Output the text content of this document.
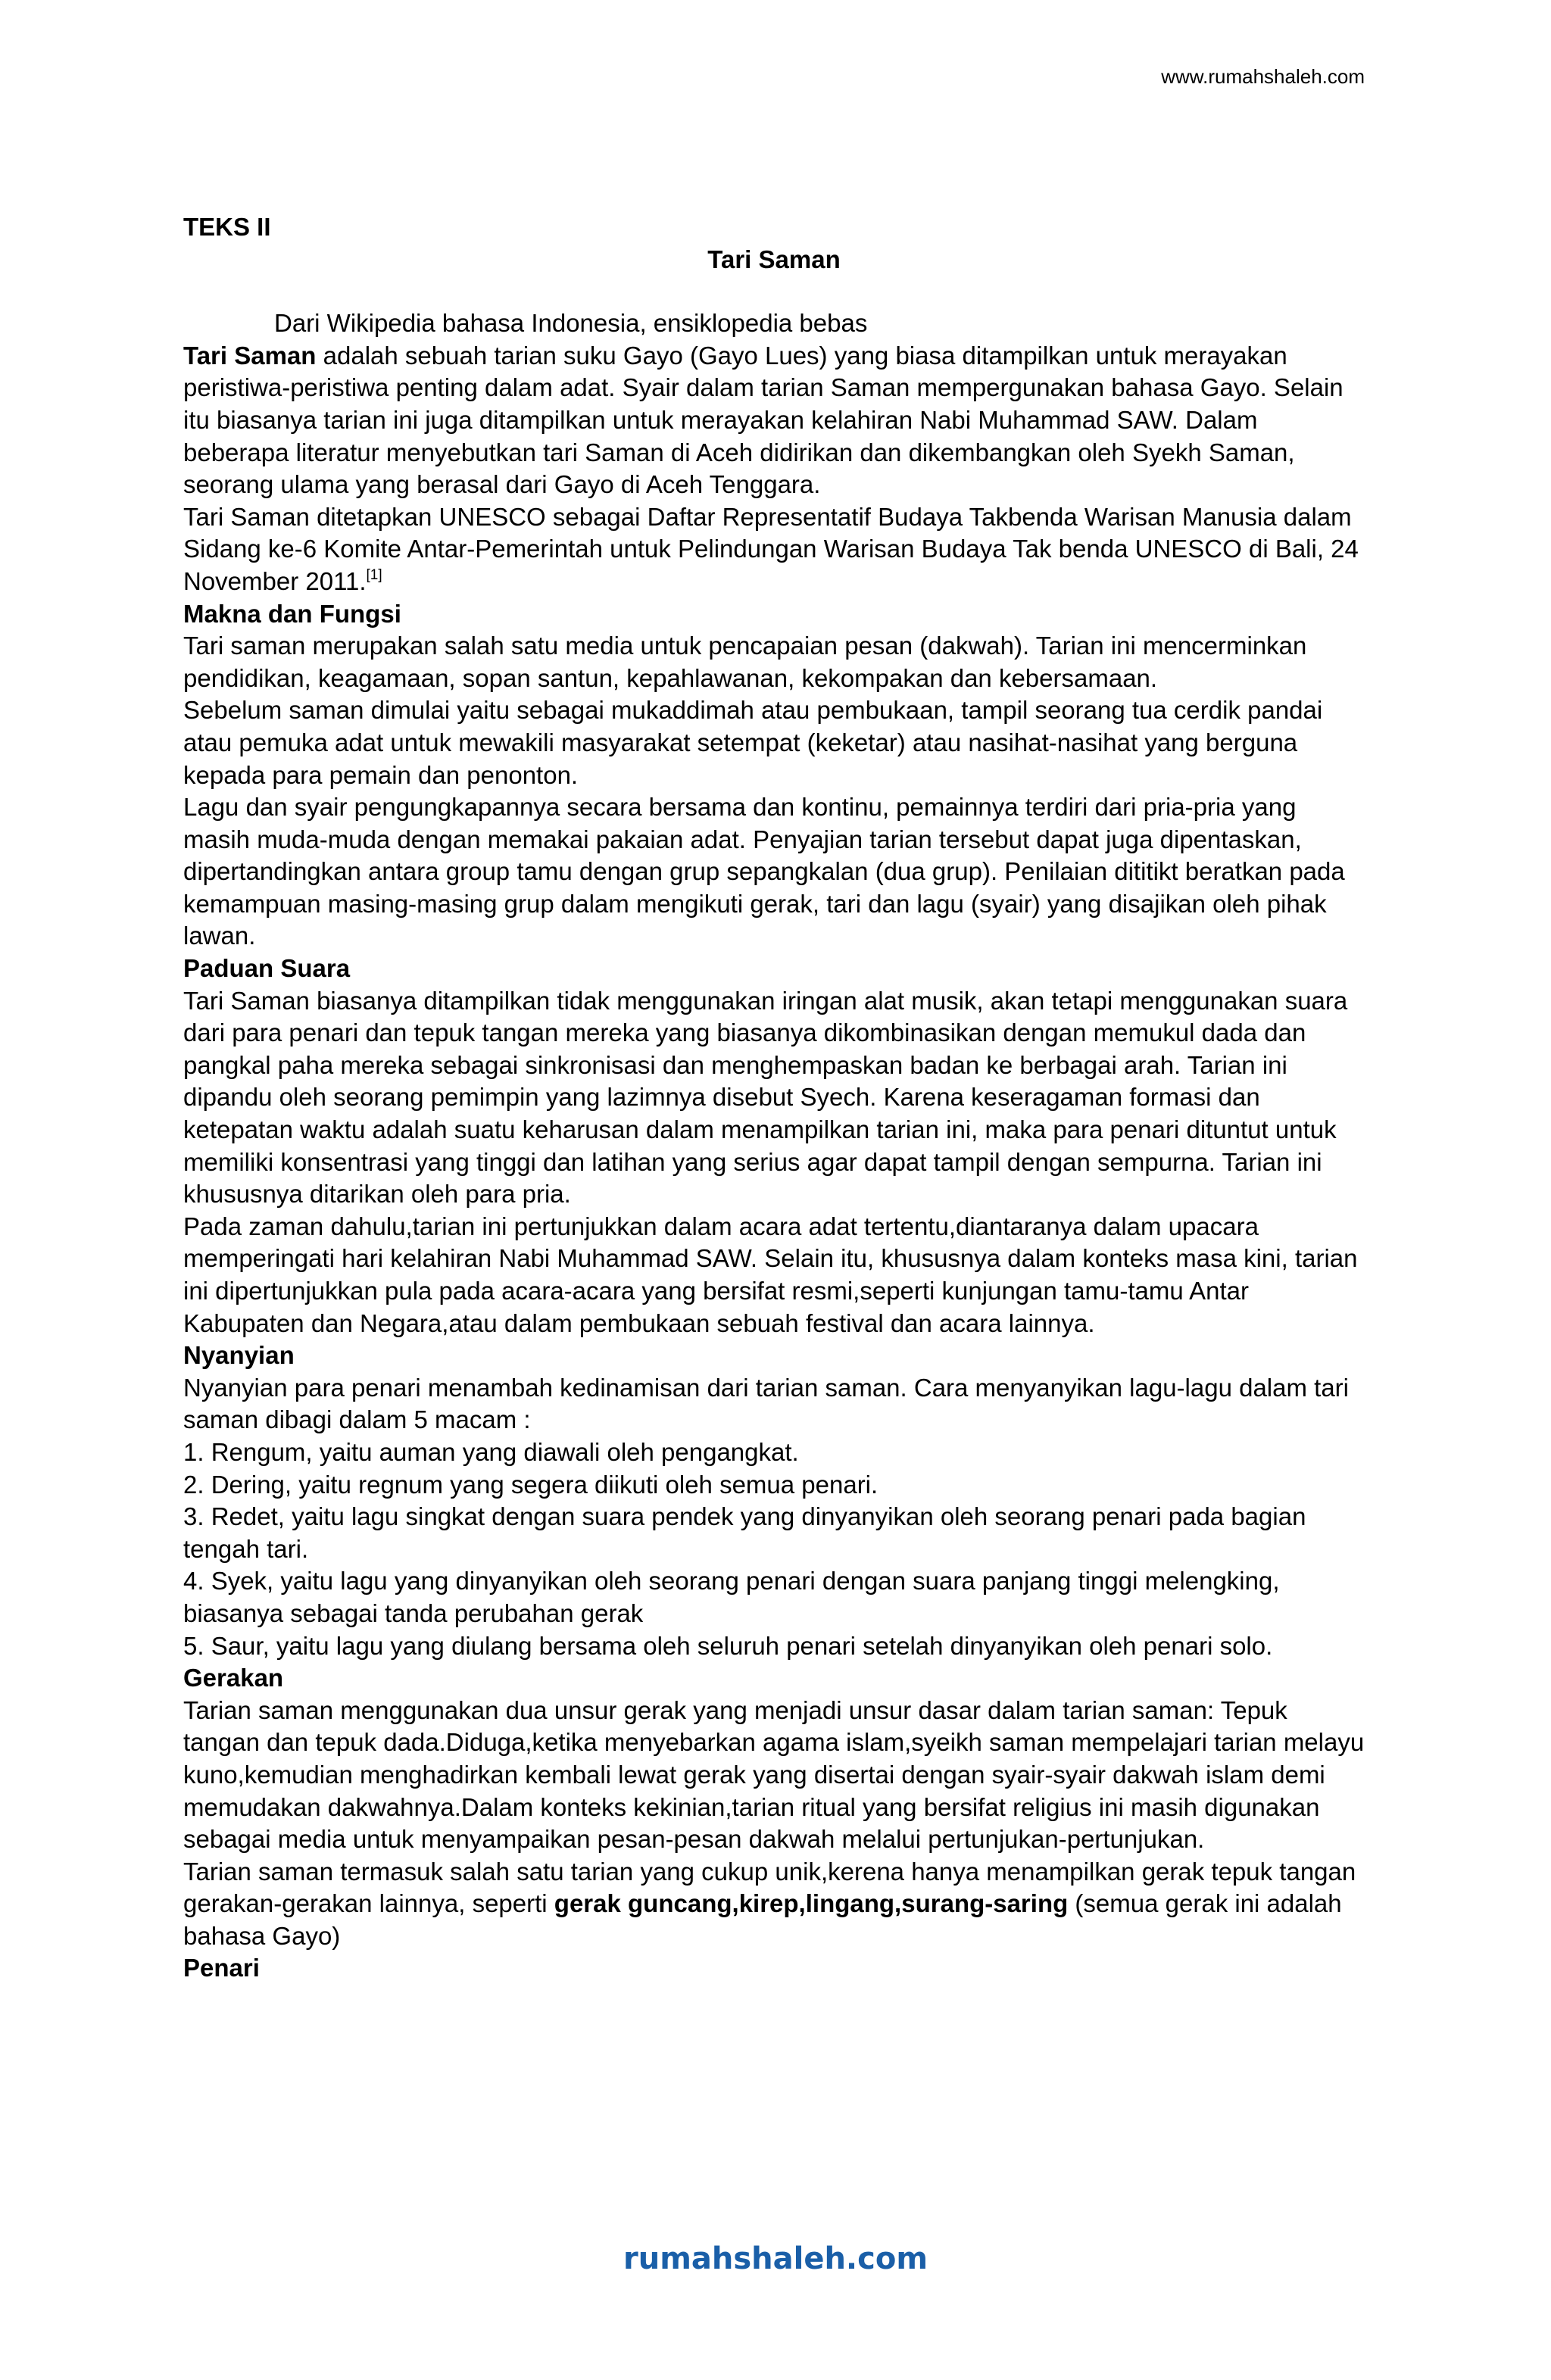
www.rumahshaleh.com

TEKS II

Tari Saman

Dari Wikipedia bahasa Indonesia, ensiklopedia bebas

Tari Saman adalah sebuah tarian suku Gayo (Gayo Lues) yang biasa ditampilkan untuk merayakan peristiwa-peristiwa penting dalam adat. Syair dalam tarian Saman mempergunakan bahasa Gayo. Selain itu biasanya tarian ini juga ditampilkan untuk merayakan kelahiran Nabi Muhammad SAW. Dalam beberapa literatur menyebutkan tari Saman di Aceh didirikan dan dikembangkan oleh Syekh Saman, seorang ulama yang berasal dari Gayo di Aceh Tenggara.

Tari Saman ditetapkan UNESCO sebagai Daftar Representatif Budaya Takbenda Warisan Manusia dalam Sidang ke-6 Komite Antar-Pemerintah untuk Pelindungan Warisan Budaya Tak benda UNESCO di Bali, 24 November 2011.[1]

Makna dan Fungsi

Tari saman merupakan salah satu media untuk pencapaian pesan (dakwah). Tarian ini mencerminkan pendidikan, keagamaan, sopan santun, kepahlawanan, kekompakan dan kebersamaan.

Sebelum saman dimulai yaitu sebagai mukaddimah atau pembukaan, tampil seorang tua cerdik pandai atau pemuka adat untuk mewakili masyarakat setempat (keketar) atau nasihat-nasihat yang berguna kepada para pemain dan penonton.

Lagu dan syair pengungkapannya secara bersama dan kontinu, pemainnya terdiri dari pria-pria yang masih muda-muda dengan memakai pakaian adat. Penyajian tarian tersebut dapat juga dipentaskan, dipertandingkan antara group tamu dengan grup sepangkalan (dua grup). Penilaian dititikt beratkan pada kemampuan masing-masing grup dalam mengikuti gerak, tari dan lagu (syair) yang disajikan oleh pihak lawan.

Paduan Suara

Tari Saman biasanya ditampilkan tidak menggunakan iringan alat musik, akan tetapi menggunakan suara dari para penari dan tepuk tangan mereka yang biasanya dikombinasikan dengan memukul dada dan pangkal paha mereka sebagai sinkronisasi dan menghempaskan badan ke berbagai arah. Tarian ini dipandu oleh seorang pemimpin yang lazimnya disebut Syech. Karena keseragaman formasi dan ketepatan waktu adalah suatu keharusan dalam menampilkan tarian ini, maka para penari dituntut untuk memiliki konsentrasi yang tinggi dan latihan yang serius agar dapat tampil dengan sempurna. Tarian ini khususnya ditarikan oleh para pria.

Pada zaman dahulu,tarian ini pertunjukkan dalam acara adat tertentu,diantaranya dalam upacara memperingati hari kelahiran Nabi Muhammad SAW. Selain itu, khususnya dalam konteks masa kini, tarian ini dipertunjukkan pula pada acara-acara yang bersifat resmi,seperti kunjungan tamu-tamu Antar Kabupaten dan Negara,atau dalam pembukaan sebuah festival dan acara lainnya.

Nyanyian

Nyanyian para penari menambah kedinamisan dari tarian saman. Cara menyanyikan lagu-lagu dalam tari saman dibagi dalam 5 macam :

1. Rengum, yaitu auman yang diawali oleh pengangkat.

2. Dering, yaitu regnum yang segera diikuti oleh semua penari.

3. Redet, yaitu lagu singkat dengan suara pendek yang dinyanyikan oleh seorang penari pada bagian tengah tari.

4. Syek, yaitu lagu yang dinyanyikan oleh seorang penari dengan suara panjang tinggi melengking, biasanya sebagai tanda perubahan gerak

5. Saur, yaitu lagu yang diulang bersama oleh seluruh penari setelah dinyanyikan oleh penari solo.

Gerakan

Tarian saman menggunakan dua unsur gerak yang menjadi unsur dasar dalam tarian saman: Tepuk tangan dan tepuk dada.Diduga,ketika menyebarkan agama islam,syeikh saman mempelajari tarian melayu kuno,kemudian menghadirkan kembali lewat gerak yang disertai dengan syair-syair dakwah islam demi memudakan dakwahnya.Dalam konteks kekinian,tarian ritual yang bersifat religius ini masih digunakan sebagai media untuk menyampaikan pesan-pesan dakwah melalui pertunjukan-pertunjukan.

Tarian saman termasuk salah satu tarian yang cukup unik,kerena hanya menampilkan gerak tepuk tangan gerakan-gerakan lainnya, seperti gerak guncang,kirep,lingang,surang-saring (semua gerak ini adalah bahasa Gayo)

Penari

rumahshaleh.com
